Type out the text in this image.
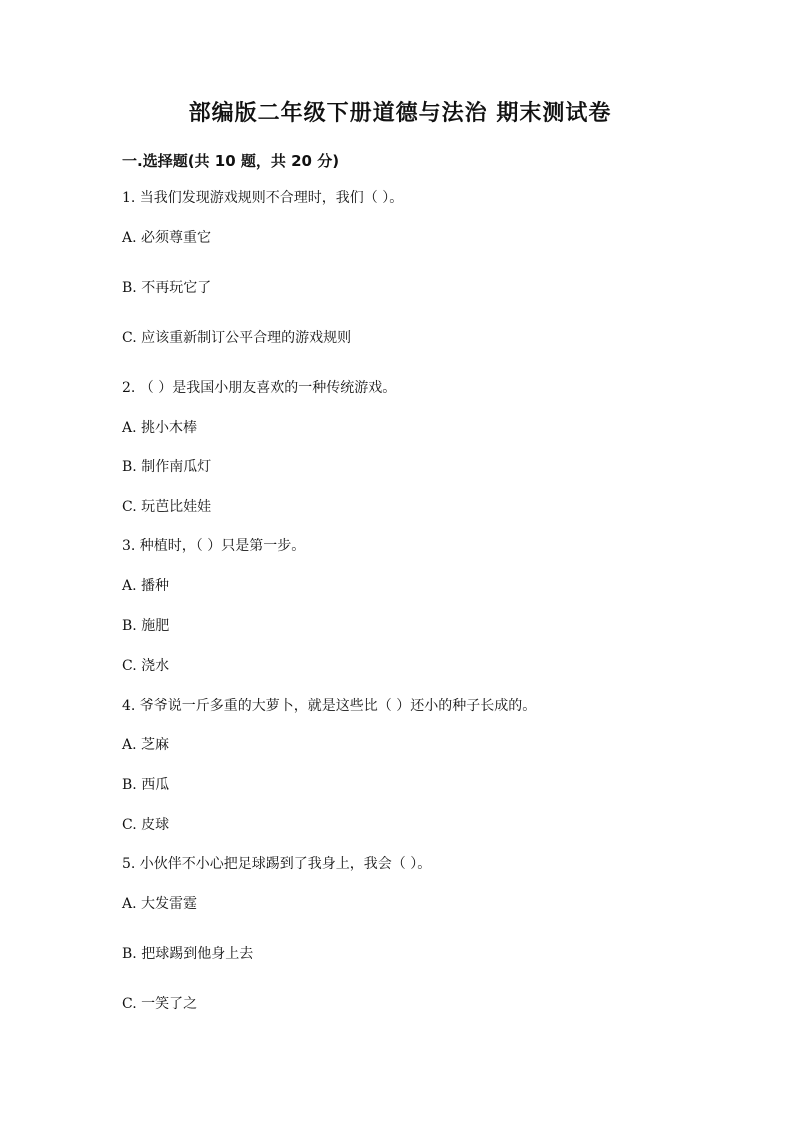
部编版二年级下册道德与法治 期末测试卷
一.选择题(共 10 题，共 20 分)
1. 当我们发现游戏规则不合理时，我们（ ）。
A. 必须尊重它
B. 不再玩它了
C. 应该重新制订公平合理的游戏规则
2. （ ）是我国小朋友喜欢的一种传统游戏。
A. 挑小木棒
B. 制作南瓜灯
C. 玩芭比娃娃
3. 种植时，（ ）只是第一步。
A. 播种
B. 施肥
C. 浇水
4. 爷爷说一斤多重的大萝卜，就是这些比（ ）还小的种子长成的。
A. 芝麻
B. 西瓜
C. 皮球
5. 小伙伴不小心把足球踢到了我身上，我会（ ）。
A. 大发雷霆
B. 把球踢到他身上去
C. 一笑了之
